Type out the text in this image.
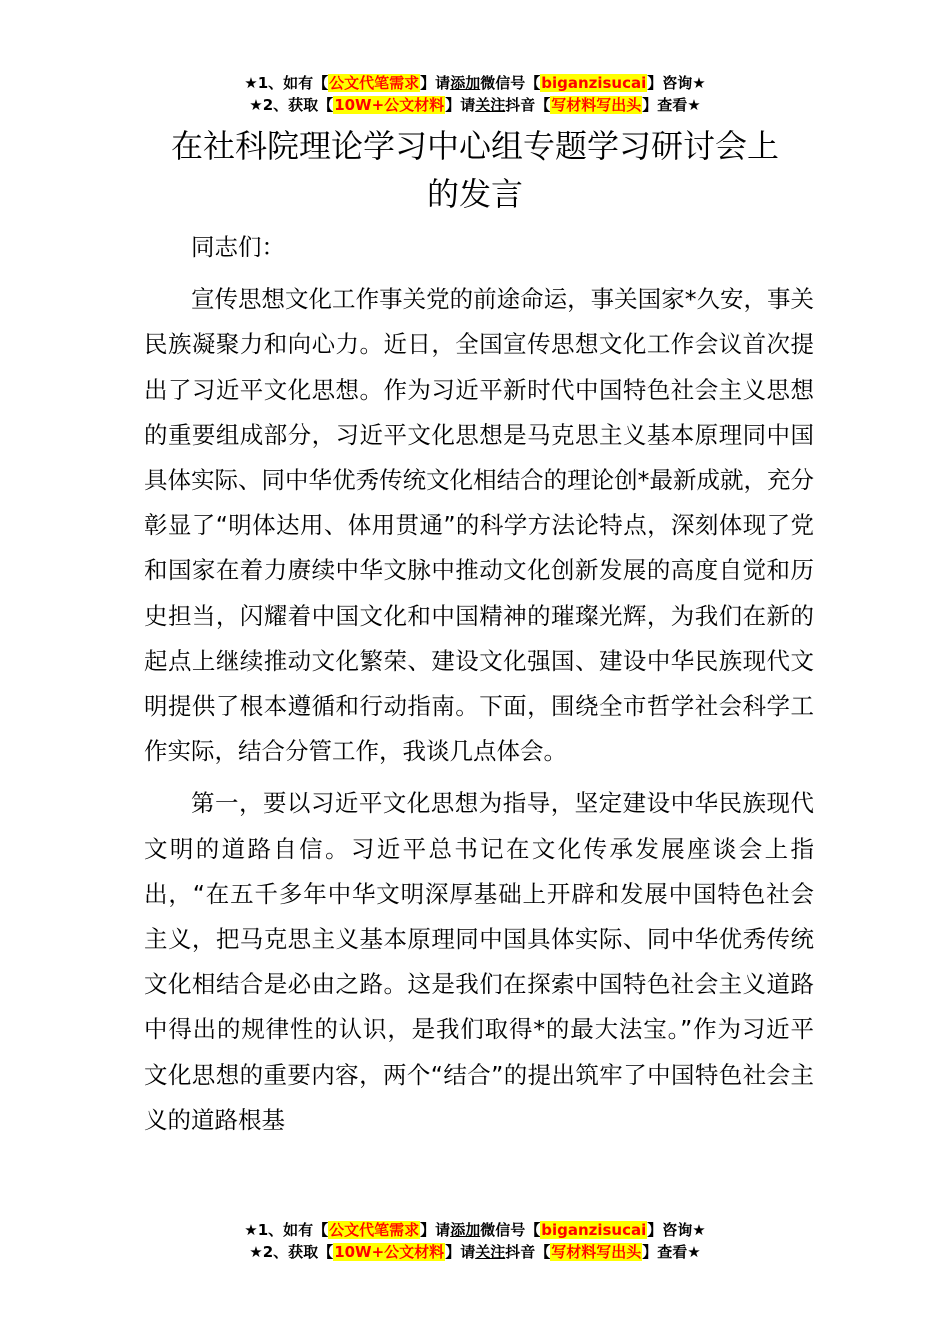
★1、如有【公文代笔需求】请添加微信号【biganzisucai】咨询★
★2、获取【10W+公文材料】请关注抖音【写材料写出头】查看★
在社科院理论学习中心组专题学习研讨会上
的发言

同志们：

宣传思想文化工作事关党的前途命运，事关国家*久安，事关民族凝聚力和向心力。近日，全国宣传思想文化工作会议首次提出了习近平文化思想。作为习近平新时代中国特色社会主义思想的重要组成部分，习近平文化思想是马克思主义基本原理同中国具体实际、同中华优秀传统文化相结合的理论创*最新成就，充分彰显了“明体达用、体用贯通”的科学方法论特点，深刻体现了党和国家在着力赓续中华文脉中推动文化创新发展的高度自觉和历史担当，闪耀着中国文化和中国精神的璀璨光辉，为我们在新的起点上继续推动文化繁荣、建设文化强国、建设中华民族现代文明提供了根本遵循和行动指南。下面，围绕全市哲学社会科学工作实际，结合分管工作，我谈几点体会。

第一，要以习近平文化思想为指导，坚定建设中华民族现代文明的道路自信。习近平总书记在文化传承发展座谈会上指出，“在五千多年中华文明深厚基础上开辟和发展中国特色社会主义，把马克思主义基本原理同中国具体实际、同中华优秀传统文化相结合是必由之路。这是我们在探索中国特色社会主义道路中得出的规律性的认识，是我们取得*的最大法宝。”作为习近平文化思想的重要内容，两个“结合”的提出筑牢了中国特色社会主义的道路根基

★1、如有【公文代笔需求】请添加微信号【biganzisucai】咨询★
★2、获取【10W+公文材料】请关注抖音【写材料写出头】查看★
